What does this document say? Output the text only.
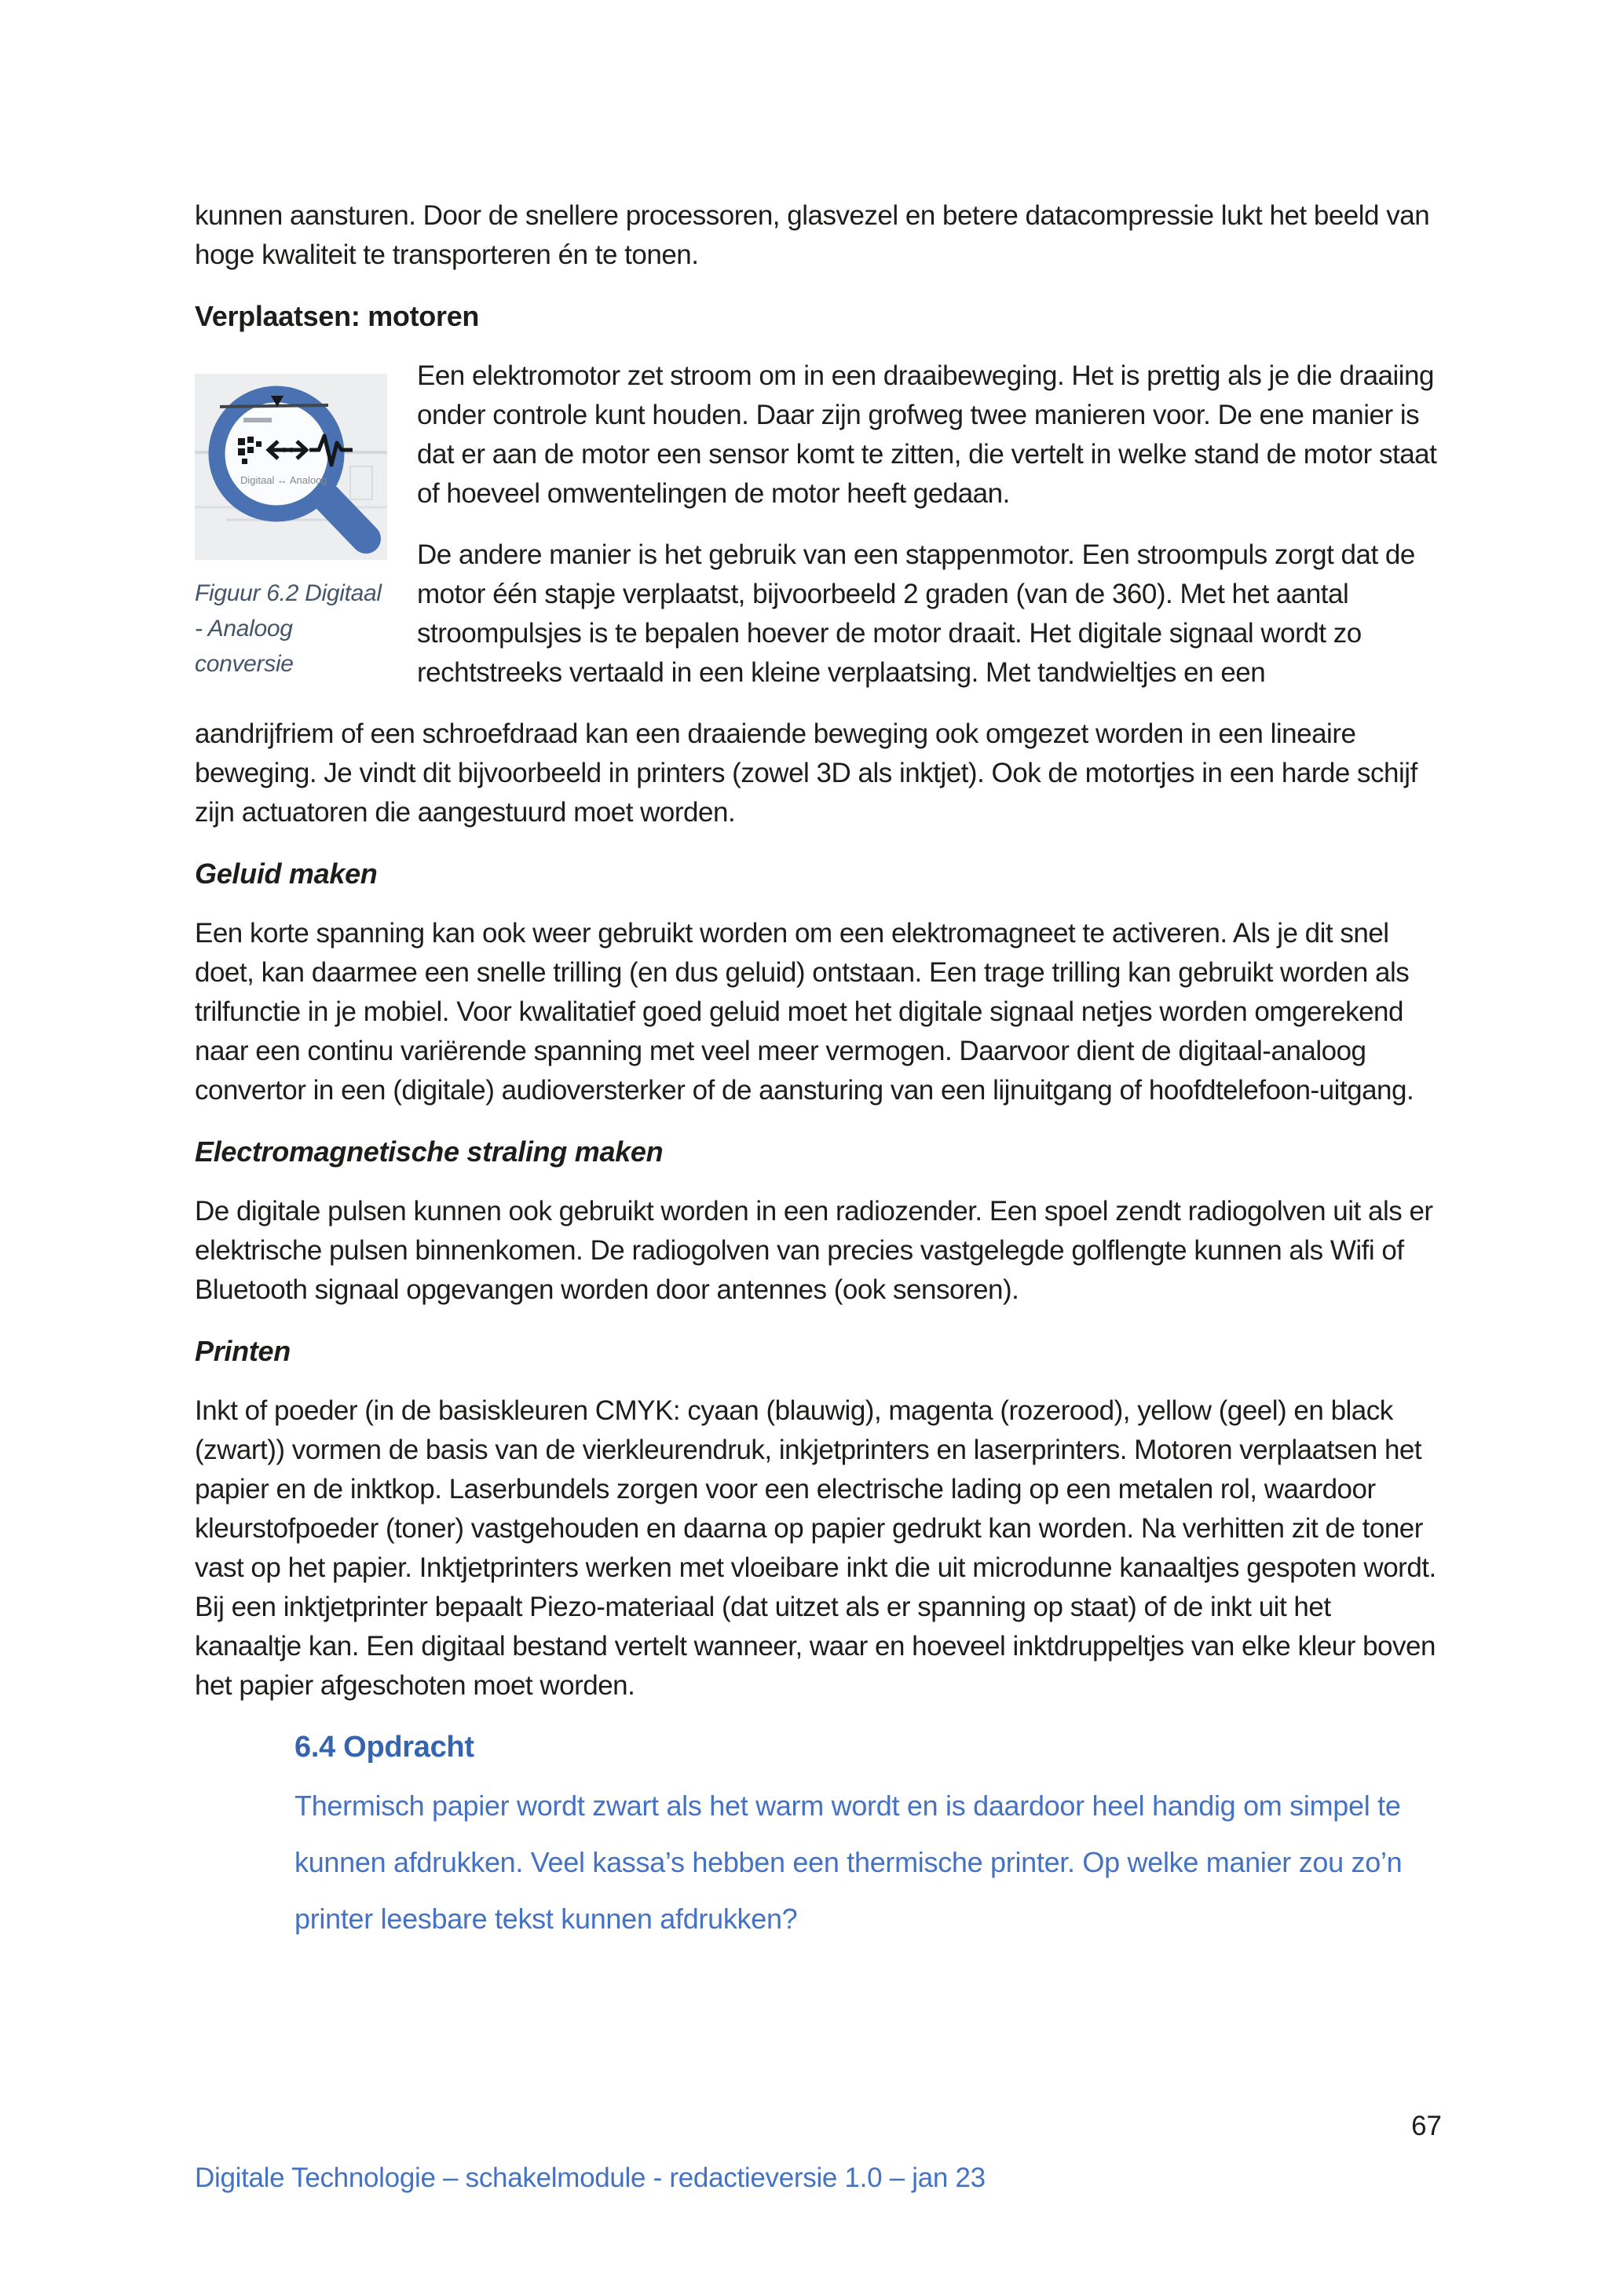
kunnen aansturen. Door de snellere processoren, glasvezel en betere datacompressie lukt het beeld van hoge kwaliteit te transporteren én te tonen.

Verplaatsen: motoren
Digitaal ↔ Analoog
Figuur 6.2 Digitaal
- Analoog conversie

Een elektromotor zet stroom om in een draaibeweging. Het is prettig als je die draaiing onder controle kunt houden. Daar zijn grofweg twee manieren voor. De ene manier is dat er aan de motor een sensor komt te zitten, die vertelt in welke stand de motor staat of hoeveel omwentelingen de motor heeft gedaan.

De andere manier is het gebruik van een stappenmotor. Een stroompuls zorgt dat de motor één stapje verplaatst, bijvoorbeeld 2 graden (van de 360). Met het aantal stroompulsjes is te bepalen hoever de motor draait. Het digitale signaal wordt zo rechtstreeks vertaald in een kleine verplaatsing. Met tandwieltjes en een

aandrijfriem of een schroefdraad kan een draaiende beweging ook omgezet worden in een lineaire beweging. Je vindt dit bijvoorbeeld in printers (zowel 3D als inktjet). Ook de motortjes in een harde schijf zijn actuatoren die aangestuurd moet worden.

Geluid maken

Een korte spanning kan ook weer gebruikt worden om een elektromagneet te activeren. Als je dit snel doet, kan daarmee een snelle trilling (en dus geluid) ontstaan. Een trage trilling kan gebruikt worden als trilfunctie in je mobiel. Voor kwalitatief goed geluid moet het digitale signaal netjes worden omgerekend naar een continu variërende spanning met veel meer vermogen. Daarvoor dient de digitaal-analoog convertor in een (digitale) audioversterker of de aansturing van een lijnuitgang of hoofdtelefoon-uitgang.

Electromagnetische straling maken

De digitale pulsen kunnen ook gebruikt worden in een radiozender. Een spoel zendt radiogolven uit als er elektrische pulsen binnenkomen. De radiogolven van precies vastgelegde golflengte kunnen als Wifi of Bluetooth signaal opgevangen worden door antennes (ook sensoren).

Printen

Inkt of poeder (in de basiskleuren CMYK: cyaan (blauwig), magenta (rozerood), yellow (geel) en black (zwart)) vormen de basis van de vierkleurendruk, inkjetprinters en laserprinters. Motoren verplaatsen het papier en de inktkop. Laserbundels zorgen voor een electrische lading op een metalen rol, waardoor kleurstofpoeder (toner) vastgehouden en daarna op papier gedrukt kan worden. Na verhitten zit de toner vast op het papier. Inktjetprinters werken met vloeibare inkt die uit microdunne kanaaltjes gespoten wordt. Bij een inktjetprinter bepaalt Piezo-materiaal (dat uitzet als er spanning op staat) of de inkt uit het kanaaltje kan. Een digitaal bestand vertelt wanneer, waar en hoeveel inktdruppeltjes van elke kleur boven het papier afgeschoten moet worden.

6.4 Opdracht

Thermisch papier wordt zwart als het warm wordt en is daardoor heel handig om simpel te kunnen afdrukken. Veel kassa’s hebben een thermische printer. Op welke manier zou zo’n printer leesbare tekst kunnen afdrukken?

67
Digitale Technologie – schakelmodule - redactieversie 1.0 – jan 23
